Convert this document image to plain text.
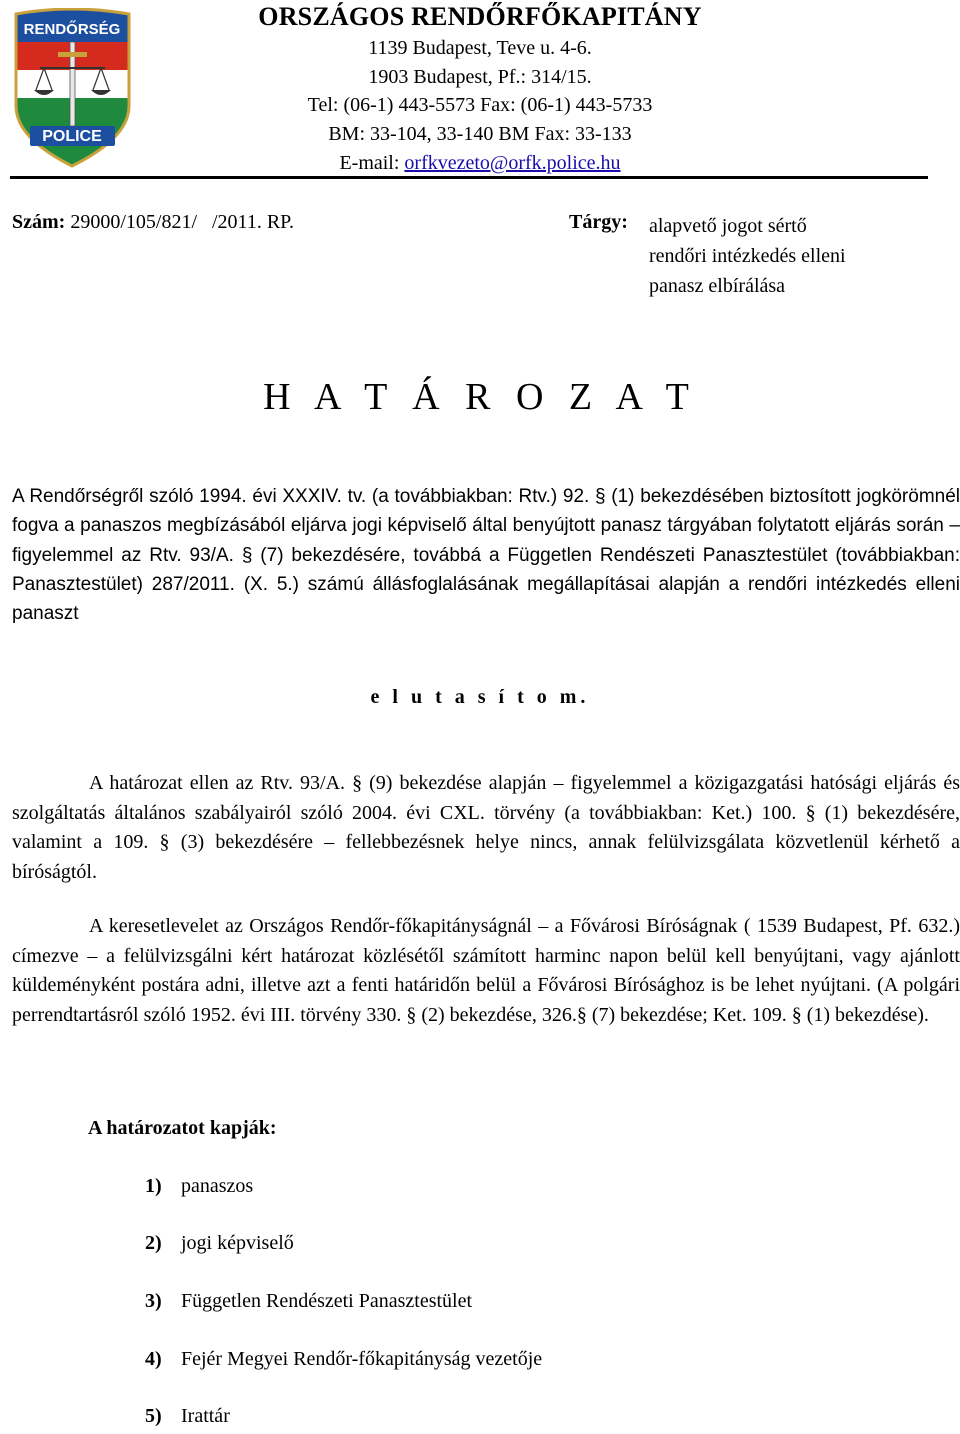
RENDŐRSÉG
POLICE
ORSZÁGOS RENDŐRFŐKAPITÁNY
1139 Budapest, Teve u. 4-6.
1903 Budapest, Pf.: 314/15.
Tel: (06-1) 443-5573 Fax: (06-1) 443-5733
BM: 33-104, 33-140 BM Fax: 33-133
E-mail: orfkvezeto@orfk.police.hu
Szám: 29000/105/821/   /2011. RP.	Tárgy: alapvető jogot sértő
rendőri intézkedés elleni
panasz elbírálása
H A T Á R O Z A T
A Rendőrségről szóló 1994. évi XXXIV. tv. (a továbbiakban: Rtv.) 92. § (1) bekezdésében biztosított jogkörömnél fogva a panaszos megbízásából eljárva jogi képviselő által benyújtott panasz tárgyában folytatott eljárás során – figyelemmel az Rtv. 93/A. § (7) bekezdésére, továbbá a Független Rendészeti Panasztestület (továbbiakban: Panasztestület) 287/2011. (X. 5.) számú állásfoglalásának megállapításai alapján a rendőri intézkedés elleni panaszt
e l u t a s í t o m.
A határozat ellen az Rtv. 93/A. § (9) bekezdése alapján – figyelemmel a közigazgatási hatósági eljárás és szolgáltatás általános szabályairól szóló 2004. évi CXL. törvény (a továbbiakban: Ket.) 100. § (1) bekezdésére, valamint a 109. § (3) bekezdésére – fellebbezésnek helye nincs, annak felülvizsgálata közvetlenül kérhető a bíróságtól.
A keresetlevelet az Országos Rendőr-főkapitányságnál – a Fővárosi Bíróságnak ( 1539 Budapest, Pf. 632.) címezve – a felülvizsgálni kért határozat közlésétől számított harminc napon belül kell benyújtani, vagy ajánlott küldeményként postára adni, illetve azt a fenti határidőn belül a Fővárosi Bírósághoz is be lehet nyújtani. (A polgári perrendtartásról szóló 1952. évi III. törvény 330. § (2) bekezdése, 326.§ (7) bekezdése; Ket. 109. § (1) bekezdése).
A határozatot kapják:
1) panaszos
2) jogi képviselő
3) Független Rendészeti Panasztestület
4) Fejér Megyei Rendőr-főkapitányság vezetője
5) Irattár
